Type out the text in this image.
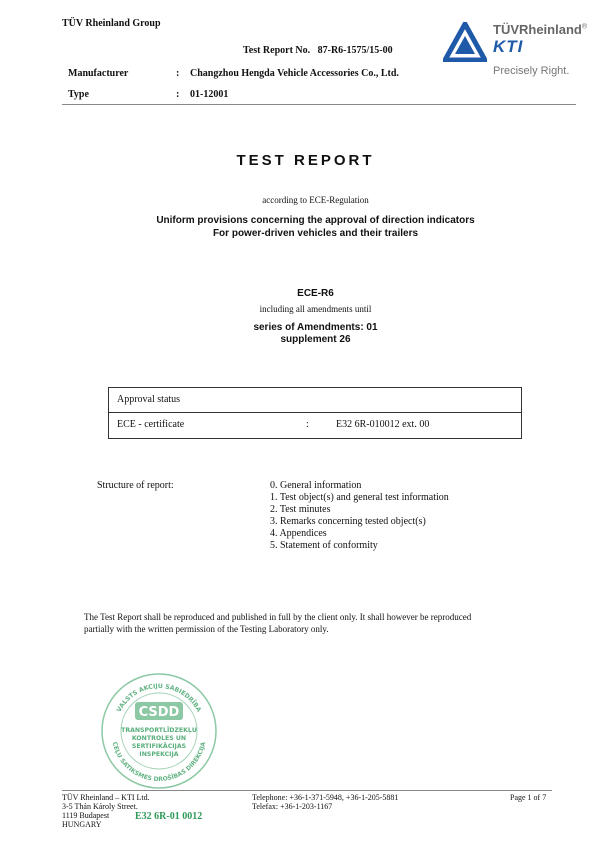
TÜV Rheinland Group
Test Report No. 87-R6-1575/15-00
Manufacturer	: Changzhou Hengda Vehicle Accessories Co., Ltd.
Type	: 01-12001
TÜVRheinland®
KTI
Precisely Right.
TEST REPORT
according to ECE-Regulation
Uniform provisions concerning the approval of direction indicators
For power-driven vehicles and their trailers
ECE-R6
including all amendments until
series of Amendments: 01
supplement 26
Approval status
ECE - certificate	:	E32 6R-010012 ext. 00
Structure of report:	0. General information
1. Test object(s) and general test information
2. Test minutes
3. Remarks concerning tested object(s)
4. Appendices
5. Statement of conformity
The Test Report shall be reproduced and published in full by the client only. It shall however be reproduced
partially with the written permission of the Testing Laboratory only.
VALSTS AKCIJU SABIEDRĪBA
CEĻU SATIKSMES DROŠĪBAS DIREKCIJA
CSDD
TRANSPORTLĪDZEKĻU
KONTROLES UN
SERTIFIKĀCIJAS
INSPEKCIJA
TÜV Rheinland – KTI Ltd.
3-5 Thán Károly Street.
1119 Budapest
HUNGARY
E32 6R-01 0012
Telephone: +36-1-371-5948, +36-1-205-5881
Telefax: +36-1-203-1167
Page 1 of 7
